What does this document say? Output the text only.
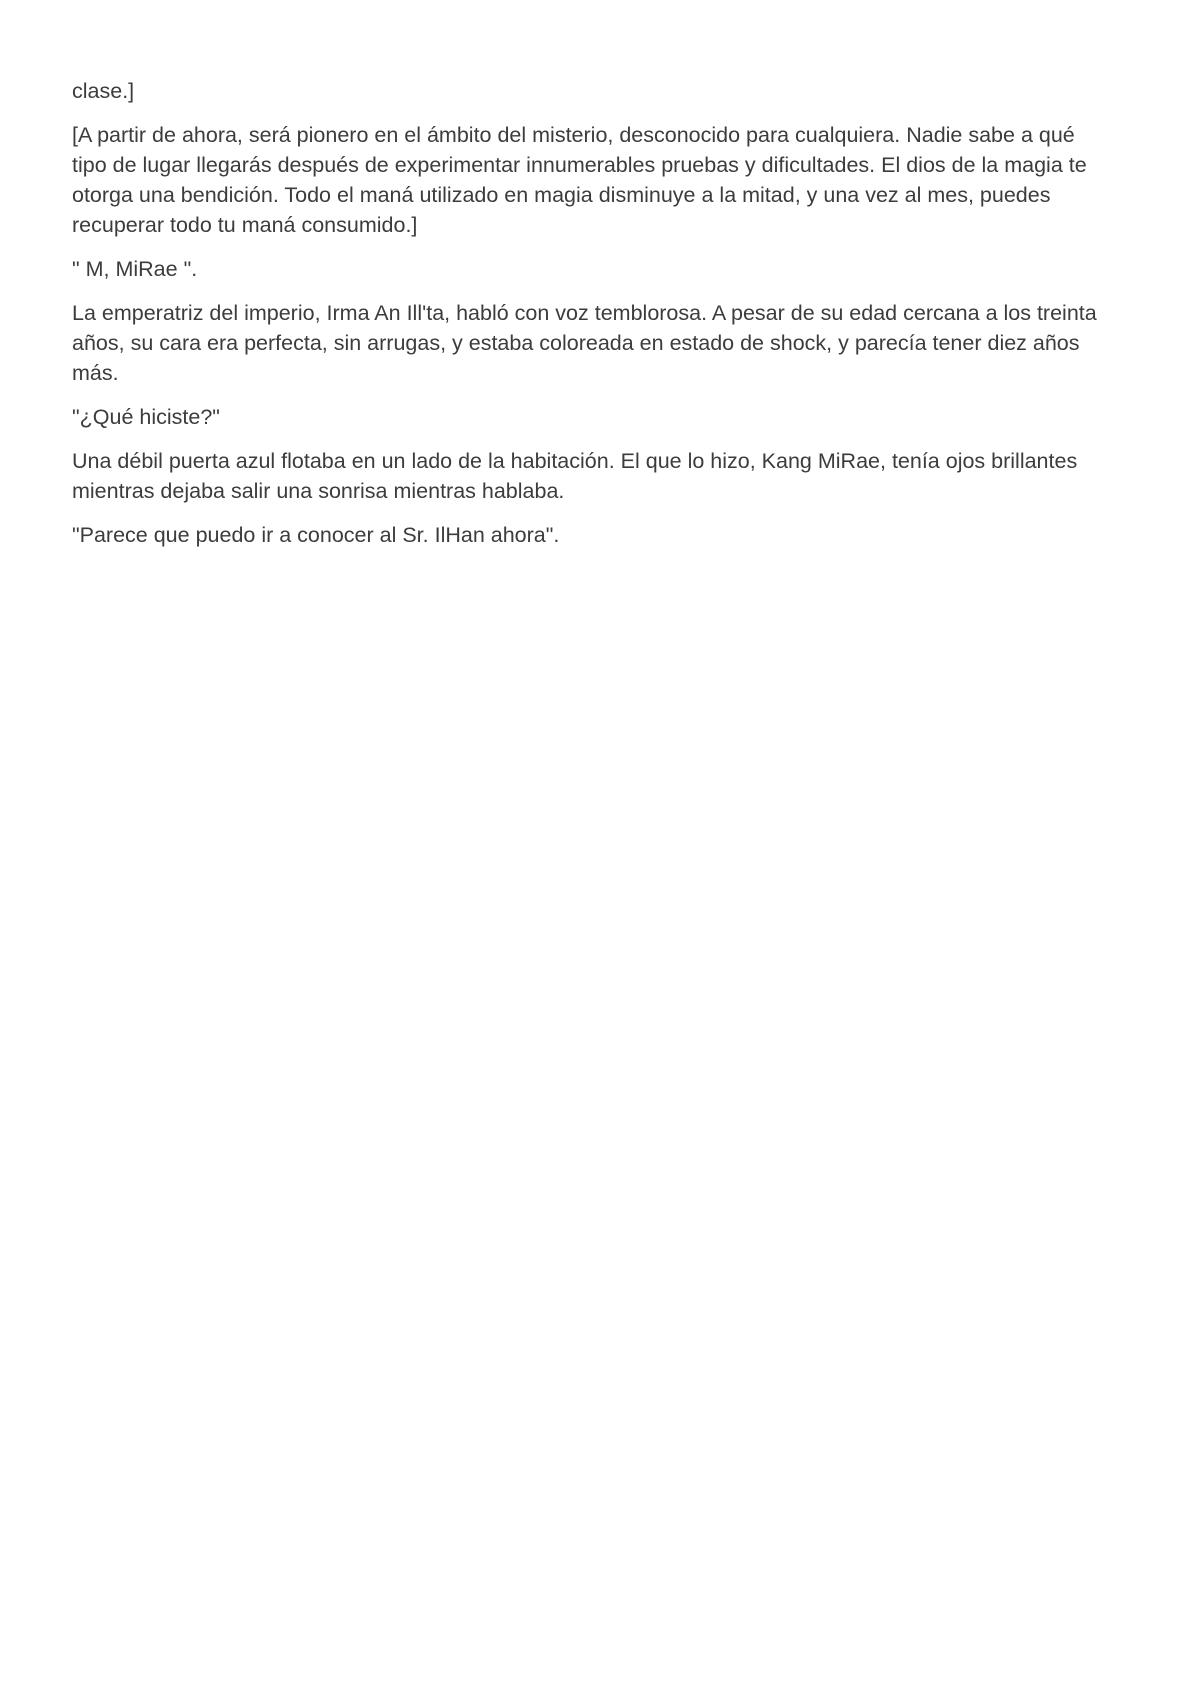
clase.]

[A partir de ahora, será pionero en el ámbito del misterio, desconocido para cualquiera. Nadie sabe a qué tipo de lugar llegarás después de experimentar innumerables pruebas y dificultades. El dios de la magia te otorga una bendición. Todo el maná utilizado en magia disminuye a la mitad, y una vez al mes, puedes recuperar todo tu maná consumido.]

" M, MiRae ".

La emperatriz del imperio, Irma An Ill'ta, habló con voz temblorosa. A pesar de su edad cercana a los treinta años, su cara era perfecta, sin arrugas, y estaba coloreada en estado de shock, y parecía tener diez años más.

"¿Qué hiciste?"

Una débil puerta azul flotaba en un lado de la habitación. El que lo hizo, Kang MiRae, tenía ojos brillantes mientras dejaba salir una sonrisa mientras hablaba.

"Parece que puedo ir a conocer al Sr. IlHan ahora".
